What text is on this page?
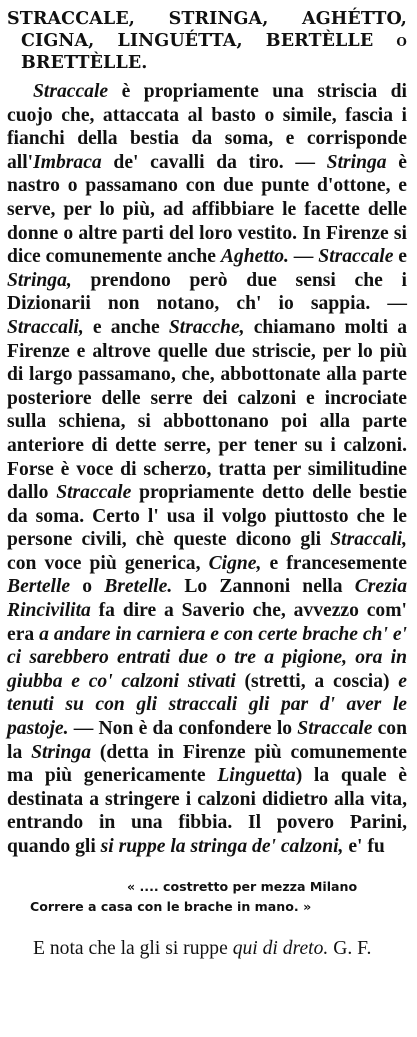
STRACCALE, STRINGA, AGHÉTTO, CIGNA, LINGUÉTTA, BERTÈLLE o BRETTÈLLE.

Straccale è propriamente una striscia di cuojo che, attaccata al basto o simile, fascia i fianchi della bestia da soma, e corrisponde all'Imbraca de' cavalli da tiro. — Stringa è nastro o passamano con due punte d'ottone, e serve, per lo più, ad affibbiare le facette delle donne o altre parti del loro vestito. In Firenze si dice comunemente anche Aghetto. — Straccale e Stringa, prendono però due sensi che i Dizionarii non notano, ch' io sappia. — Straccali, e anche Stracche, chiamano molti a Firenze e altrove quelle due striscie, per lo più di largo passamano, che, abbottonate alla parte posteriore delle serre dei calzoni e incrociate sulla schiena, si abbottonano poi alla parte anteriore di dette serre, per tener su i calzoni. Forse è voce di scherzo, tratta per similitudine dallo Straccale propriamente detto delle bestie da soma. Certo l' usa il volgo piuttosto che le persone civili, chè queste dicono gli Straccali, con voce più generica, Cigne, e francesemente Bertelle o Bretelle. Lo Zannoni nella Crezia Rincivilita fa dire a Saverio che, avvezzo com' era a andare in carniera e con certe brache ch' e' ci sarebbero entrati due o tre a pigione, ora in giubba e co' calzoni stivati (stretti, a coscia) e tenuti su con gli straccali gli par d' aver le pastoje. — Non è da confondere lo Straccale con la Stringa (detta in Firenze più comunemente ma più genericamente Linguetta) la quale è destinata a stringere i calzoni didietro alla vita, entrando in una fibbia. Il povero Parini, quando gli si ruppe la stringa de' calzoni, e' fu

« .... costretto per mezza Milano
Correre a casa con le brache in mano. »

E nota che la gli si ruppe qui di dreto. G. F.
